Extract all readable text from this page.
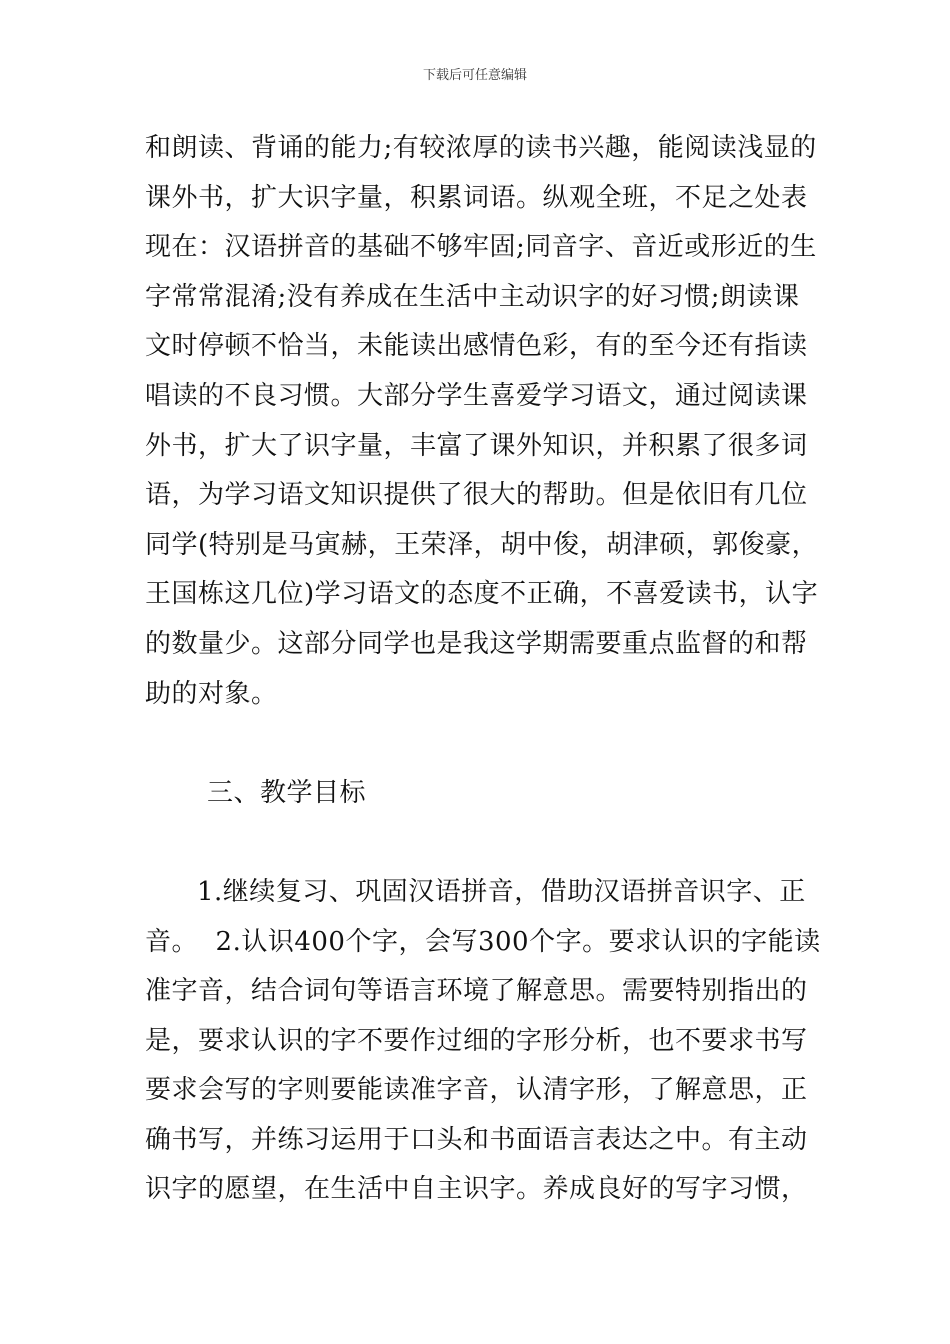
下载后可任意编辑
和朗读、背诵的能力;有较浓厚的读书兴趣，能阅读浅显的
课外书，扩大识字量，积累词语。纵观全班，不足之处表
现在：汉语拼音的基础不够牢固;同音字、音近或形近的生
字常常混淆;没有养成在生活中主动识字的好习惯;朗读课
文时停顿不恰当，未能读出感情色彩，有的至今还有指读
唱读的不良习惯。大部分学生喜爱学习语文，通过阅读课
外书，扩大了识字量，丰富了课外知识，并积累了很多词
语，为学习语文知识提供了很大的帮助。但是依旧有几位
同学(特别是马寅赫，王荣泽，胡中俊，胡津硕，郭俊豪，
王国栋这几位)学习语文的态度不正确，不喜爱读书，认字
的数量少。这部分同学也是我这学期需要重点监督的和帮
助的对象。
三、教学目标
1.继续复习、巩固汉语拼音，借助汉语拼音识字、正
音。  2.认识400个字，会写300个字。要求认识的字能读
准字音，结合词句等语言环境了解意思。需要特别指出的
是，要求认识的字不要作过细的字形分析，也不要求书写
要求会写的字则要能读准字音，认清字形，了解意思，正
确书写，并练习运用于口头和书面语言表达之中。有主动
识字的愿望，在生活中自主识字。养成良好的写字习惯，
